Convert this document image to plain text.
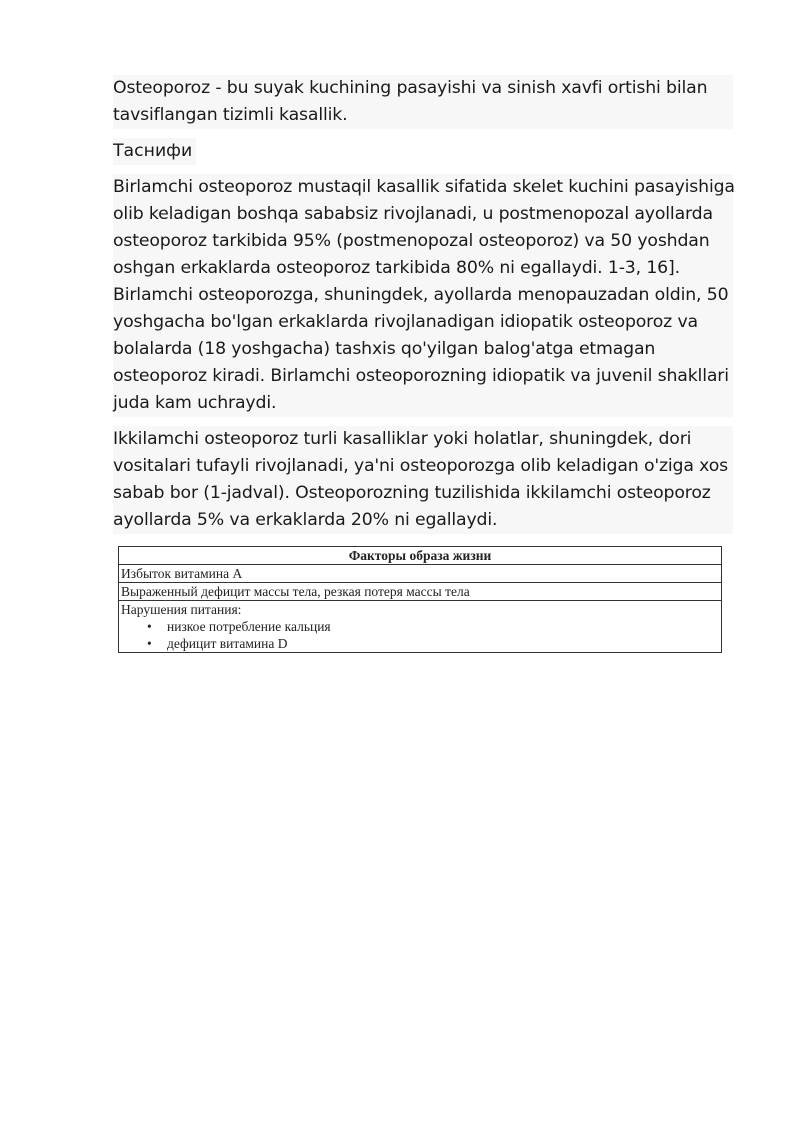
Osteoporoz - bu suyak kuchining pasayishi va sinish xavfi ortishi bilan
tavsiflangan tizimli kasallik.
Таснифи
Birlamchi osteoporoz mustaqil kasallik sifatida skelet kuchini pasayishiga
olib keladigan boshqa sababsiz rivojlanadi, u postmenopozal ayollarda
osteoporoz tarkibida 95% (postmenopozal osteoporoz) va 50 yoshdan
oshgan erkaklarda osteoporoz tarkibida 80% ni egallaydi. 1-3, 16].
Birlamchi osteoporozga, shuningdek, ayollarda menopauzadan oldin, 50
yoshgacha bo'lgan erkaklarda rivojlanadigan idiopatik osteoporoz va
bolalarda (18 yoshgacha) tashxis qo'yilgan balog'atga etmagan
osteoporoz kiradi. Birlamchi osteoporozning idiopatik va juvenil shakllari
juda kam uchraydi.
Ikkilamchi osteoporoz turli kasalliklar yoki holatlar, shuningdek, dori
vositalari tufayli rivojlanadi, ya'ni osteoporozga olib keladigan o'ziga xos
sabab bor (1-jadval). Osteoporozning tuzilishida ikkilamchi osteoporoz
ayollarda 5% va erkaklarda 20% ni egallaydi.
Факторы образа жизни
Избыток витамина А
Выраженный дефицит массы тела, резкая потеря массы тела

Нарушения питания:
• низкое потребление кальция
• дефицит витамина D
